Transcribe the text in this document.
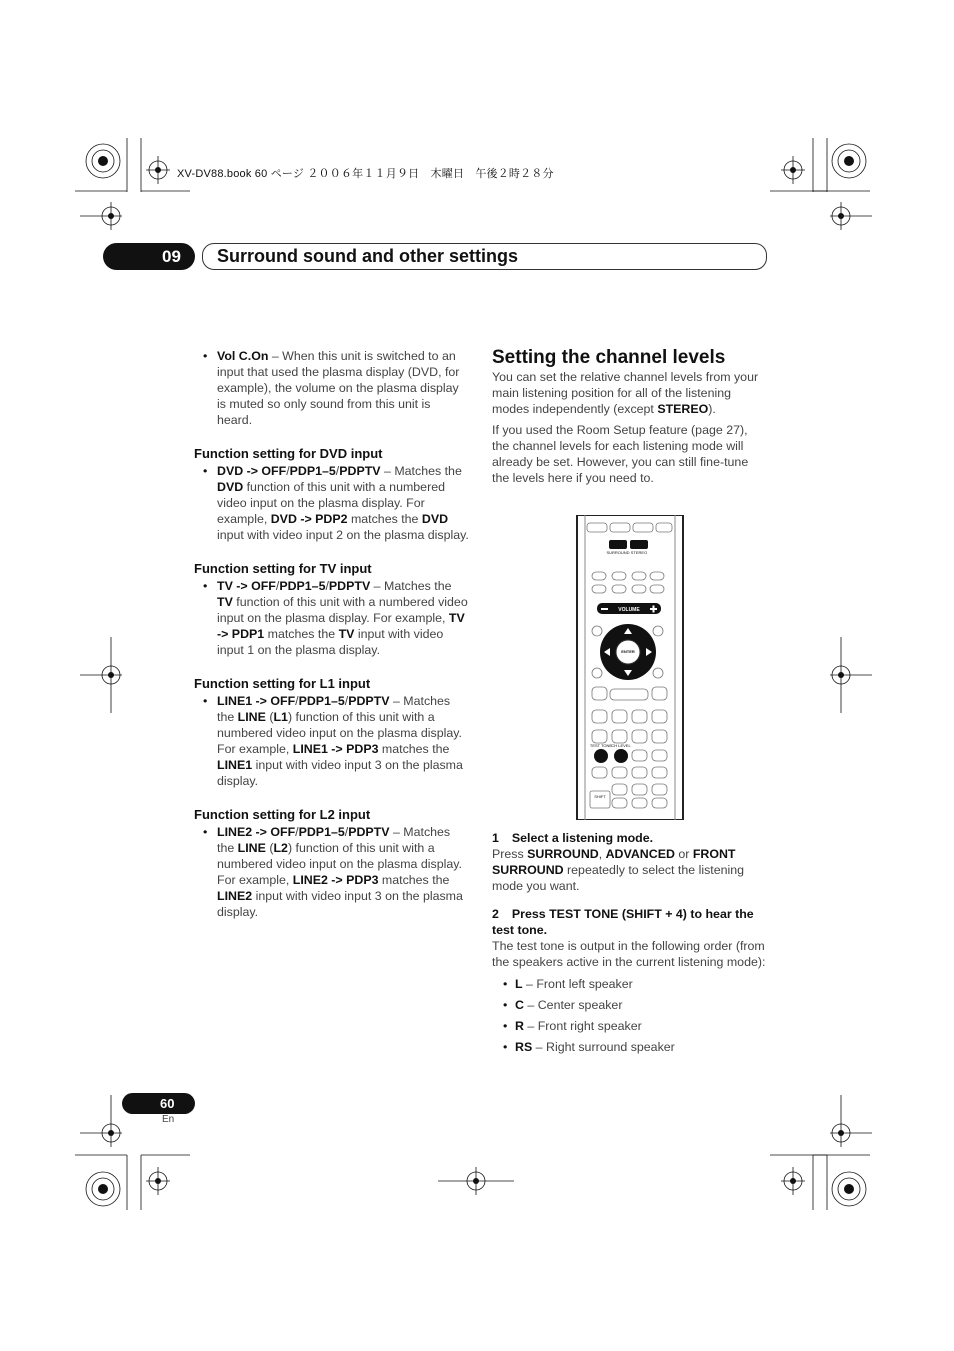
XV-DV88.book 60 ページ ２００６年１１月９日　木曜日　午後２時２８分
09	Surround sound and other settings
• Vol C.On – When this unit is switched to an input that used the plasma display (DVD, for example), the volume on the plasma display is muted so only sound from this unit is heard.
Function setting for DVD input
• DVD -> OFF/PDP1–5/PDPTV – Matches the DVD function of this unit with a numbered video input on the plasma display. For example, DVD -> PDP2 matches the DVD input with video input 2 on the plasma display.
Function setting for TV input
• TV -> OFF/PDP1–5/PDPTV – Matches the TV function of this unit with a numbered video input on the plasma display. For example, TV -> PDP1 matches the TV input with video input 1 on the plasma display.
Function setting for L1 input
• LINE1 -> OFF/PDP1–5/PDPTV – Matches the LINE (L1) function of this unit with a numbered video input on the plasma display. For example, LINE1 -> PDP3 matches the LINE1 input with video input 3 on the plasma display.
Function setting for L2 input
• LINE2 -> OFF/PDP1–5/PDPTV – Matches the LINE (L2) function of this unit with a numbered video input on the plasma display. For example, LINE2 -> PDP3 matches the LINE2 input with video input 3 on the plasma display.
Setting the channel levels

You can set the relative channel levels from your main listening position for all of the listening modes independently (except STEREO).

If you used the Room Setup feature (page 27), the channel levels for each listening mode will already be set. However, you can still fine-tune the levels here if you need to.

SURROUND STEREO
TEST TONE CH LEVEL
SHIFT
VOLUME
ENTER
1 Select a listening mode.

Press SURROUND, ADVANCED or FRONT SURROUND repeatedly to select the listening mode you want.

2 Press TEST TONE (SHIFT + 4) to hear the test tone.

The test tone is output in the following order (from the speakers active in the current listening mode):

• L – Front left speaker
• C – Center speaker
• R – Front right speaker
• RS – Right surround speaker
60
En
